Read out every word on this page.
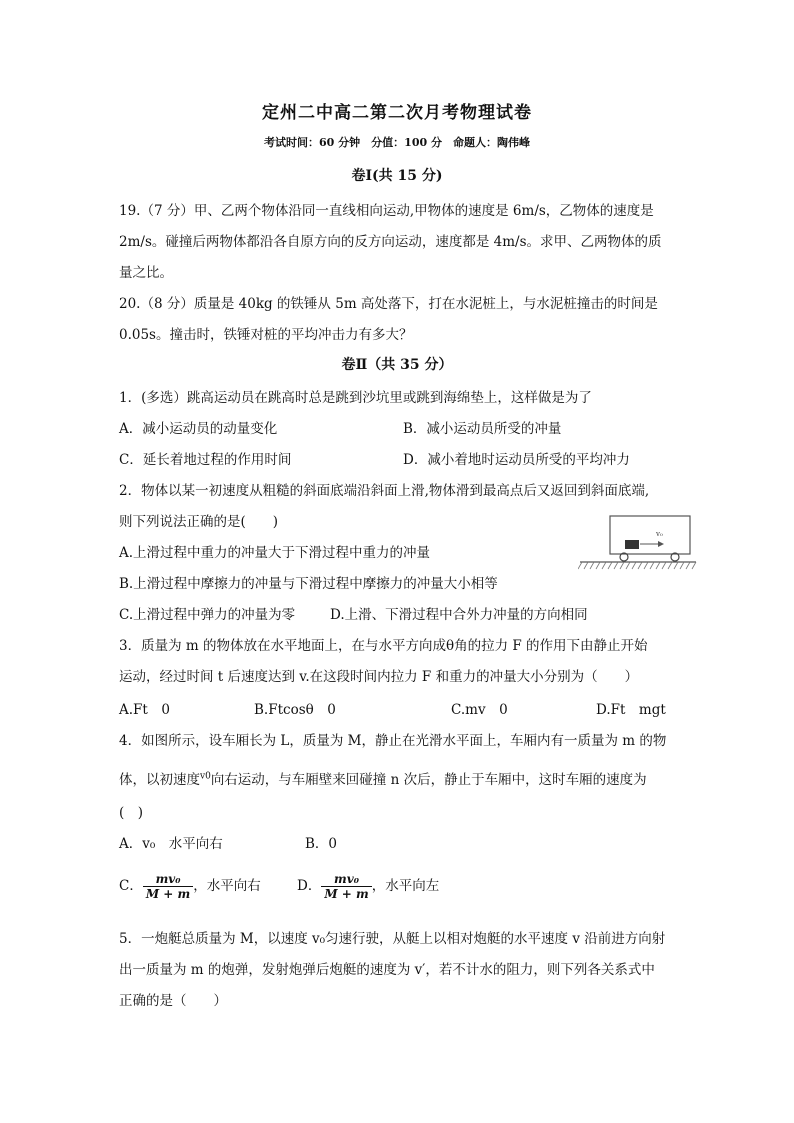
定州二中高二第二次月考物理试卷
考试时间：60 分钟　分值：100 分　命题人：陶伟峰
卷Ⅰ(共 15 分)
19.（7 分）甲、乙两个物体沿同一直线相向运动,甲物体的速度是 6m/s，乙物体的速度是
2m/s。碰撞后两物体都沿各自原方向的反方向运动，速度都是 4m/s。求甲、乙两物体的质
量之比。
20.（8 分）质量是 40kg 的铁锤从 5m 高处落下，打在水泥桩上，与水泥桩撞击的时间是
0.05s。撞击时，铁锤对桩的平均冲击力有多大？
卷Ⅱ（共 35 分）
1．(多选）跳高运动员在跳高时总是跳到沙坑里或跳到海绵垫上，这样做是为了
A．减小运动员的动量变化	B．减小运动员所受的冲量
C．延长着地过程的作用时间	D．减小着地时运动员所受的平均冲力
2．物体以某一初速度从粗糙的斜面底端沿斜面上滑,物体滑到最高点后又返回到斜面底端,
则下列说法正确的是(　　)
A.上滑过程中重力的冲量大于下滑过程中重力的冲量
B.上滑过程中摩擦力的冲量与下滑过程中摩擦力的冲量大小相等
C.上滑过程中弹力的冲量为零	D.上滑、下滑过程中合外力冲量的方向相同
v₀
3．质量为 m 的物体放在水平地面上，在与水平方向成θ角的拉力 F 的作用下由静止开始
运动，经过时间 t 后速度达到 v.在这段时间内拉力 F 和重力的冲量大小分别为（　　）
A.Ft　0	B.Ftcosθ　0	C.mv　0	D.Ft　mgt
4．如图所示，设车厢长为 L，质量为 M，静止在光滑水平面上，车厢内有一质量为 m 的物
体，以初速度$^{v0}$向右运动，与车厢壁来回碰撞 n 次后，静止于车厢中，这时车厢的速度为
(　)
A．v₀　水平向右	B．0
C． $\frac{\text{mv₀}}{M + m}$ ，水平向右	D． $\frac{\text{mv₀}}{M + m}$ ，水平向左
5．一炮艇总质量为 M，以速度 v₀匀速行驶，从艇上以相对炮艇的水平速度 v 沿前进方向射
出一质量为 m 的炮弹，发射炮弹后炮艇的速度为 v′，若不计水的阻力，则下列各关系式中
正确的是（　　）
